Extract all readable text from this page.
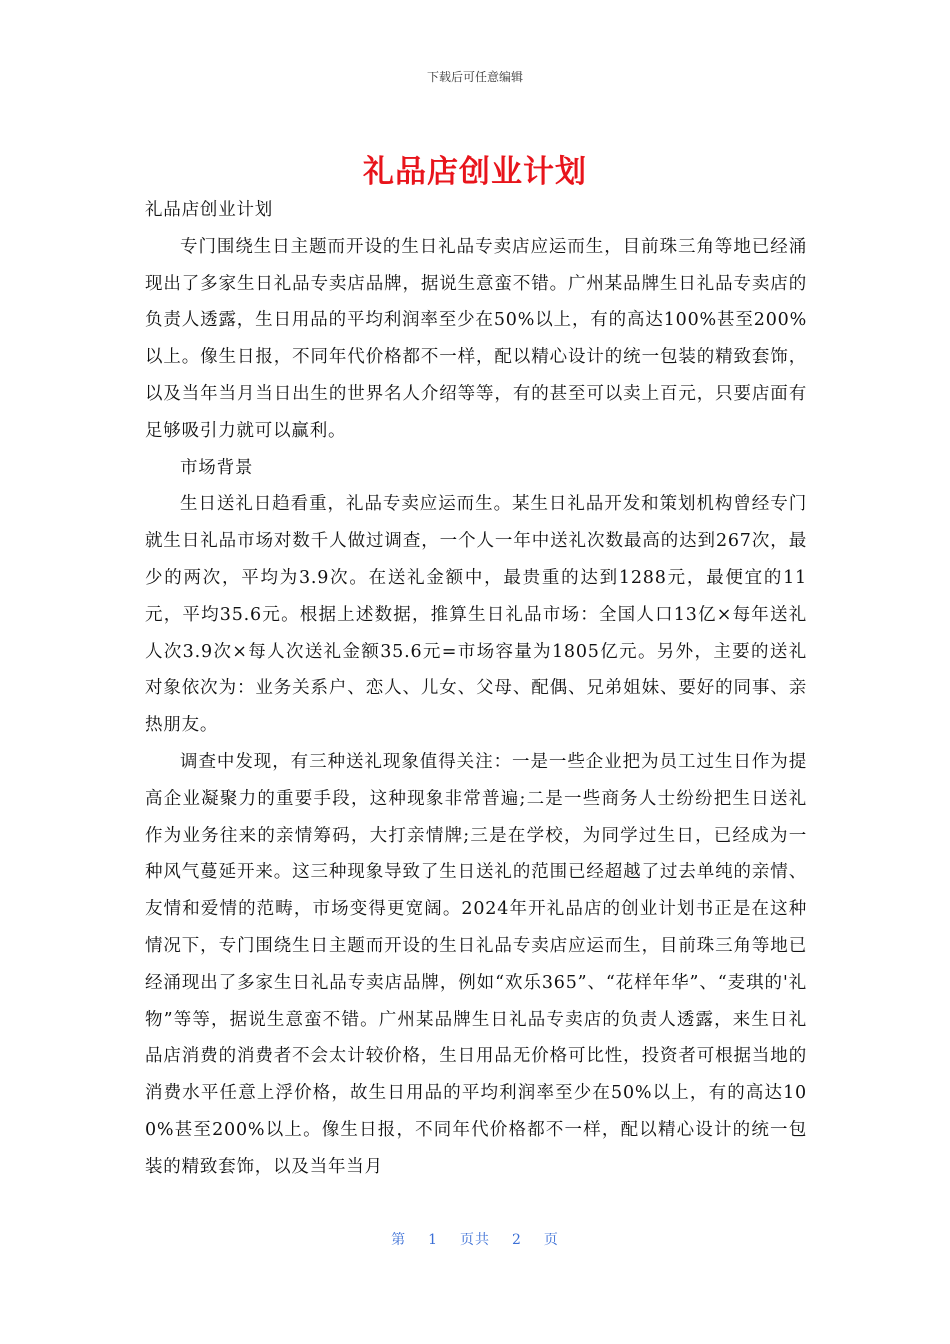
下载后可任意编辑
礼品店创业计划

礼品店创业计划

专门围绕生日主题而开设的生日礼品专卖店应运而生，目前珠三角等地已经涌现出了多家生日礼品专卖店品牌，据说生意蛮不错。广州某品牌生日礼品专卖店的负责人透露，生日用品的平均利润率至少在50%以上，有的高达100%甚至200%以上。像生日报，不同年代价格都不一样，配以精心设计的统一包装的精致套饰，以及当年当月当日出生的世界名人介绍等等，有的甚至可以卖上百元，只要店面有足够吸引力就可以赢利。

市场背景

生日送礼日趋看重，礼品专卖应运而生。某生日礼品开发和策划机构曾经专门就生日礼品市场对数千人做过调查，一个人一年中送礼次数最高的达到267次，最少的两次，平均为3.9次。在送礼金额中，最贵重的达到1288元，最便宜的11元，平均35.6元。根据上述数据，推算生日礼品市场：全国人口13亿×每年送礼人次3.9次×每人次送礼金额35.6元=市场容量为1805亿元。另外，主要的送礼对象依次为：业务关系户、恋人、儿女、父母、配偶、兄弟姐妹、要好的同事、亲热朋友。

调查中发现，有三种送礼现象值得关注：一是一些企业把为员工过生日作为提高企业凝聚力的重要手段，这种现象非常普遍;二是一些商务人士纷纷把生日送礼作为业务往来的亲情筹码，大打亲情牌;三是在学校，为同学过生日，已经成为一种风气蔓延开来。这三种现象导致了生日送礼的范围已经超越了过去单纯的亲情、友情和爱情的范畴，市场变得更宽阔。2024年开礼品店的创业计划书正是在这种情况下，专门围绕生日主题而开设的生日礼品专卖店应运而生，目前珠三角等地已经涌现出了多家生日礼品专卖店品牌，例如“欢乐365”、“花样年华”、“麦琪的'礼物”等等，据说生意蛮不错。广州某品牌生日礼品专卖店的负责人透露，来生日礼品店消费的消费者不会太计较价格，生日用品无价格可比性，投资者可根据当地的消费水平任意上浮价格，故生日用品的平均利润率至少在50%以上，有的高达100%甚至200%以上。像生日报，不同年代价格都不一样，配以精心设计的统一包装的精致套饰，以及当年当月

第 1 页共 2 页
